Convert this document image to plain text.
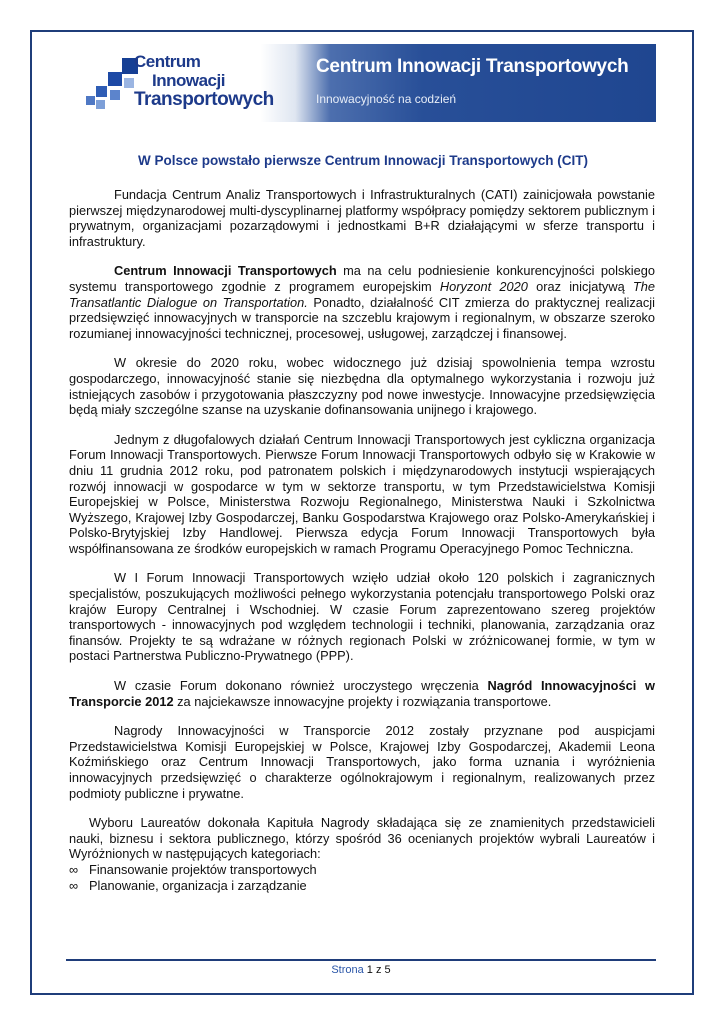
Centrum
Innowacji
Transportowych
Centrum Innowacji Transportowych
Innowacyjność na codzień
W Polsce powstało pierwsze Centrum Innowacji Transportowych (CIT)

Fundacja Centrum Analiz Transportowych i Infrastrukturalnych (CATI) zainicjowała powstanie pierwszej międzynarodowej multi-dyscyplinarnej platformy współpracy pomiędzy sektorem publicznym i prywatnym, organizacjami pozarządowymi i jednostkami B+R działającymi w sferze transportu i infrastruktury.

Centrum Innowacji Transportowych ma na celu podniesienie konkurencyjności polskiego systemu transportowego zgodnie z programem europejskim Horyzont 2020 oraz inicjatywą The Transatlantic Dialogue on Transportation. Ponadto, działalność CIT zmierza do praktycznej realizacji przedsięwzięć innowacyjnych w transporcie na szczeblu krajowym i regionalnym, w obszarze szeroko rozumianej innowacyjności technicznej, procesowej, usługowej, zarządczej i finansowej.

W okresie do 2020 roku, wobec widocznego już dzisiaj spowolnienia tempa wzrostu gospodarczego, innowacyjność stanie się niezbędna dla optymalnego wykorzystania i rozwoju już istniejących zasobów i przygotowania płaszczyzny pod nowe inwestycje. Innowacyjne przedsięwzięcia będą miały szczególne szanse na uzyskanie dofinansowania unijnego i krajowego.

Jednym z długofalowych działań Centrum Innowacji Transportowych jest cykliczna organizacja Forum Innowacji Transportowych. Pierwsze Forum Innowacji Transportowych odbyło się w Krakowie w dniu 11 grudnia 2012 roku, pod patronatem polskich i międzynarodowych instytucji wspierających rozwój innowacji w gospodarce w tym w sektorze transportu, w tym Przedstawicielstwa Komisji Europejskiej w Polsce, Ministerstwa Rozwoju Regionalnego, Ministerstwa Nauki i Szkolnictwa Wyższego, Krajowej Izby Gospodarczej, Banku Gospodarstwa Krajowego oraz Polsko-Amerykańskiej i Polsko-Brytyjskiej Izby Handlowej. Pierwsza edycja Forum Innowacji Transportowych była współfinansowana ze środków europejskich w ramach Programu Operacyjnego Pomoc Techniczna.

W I Forum Innowacji Transportowych wzięło udział około 120 polskich i zagranicznych specjalistów, poszukujących możliwości pełnego wykorzystania potencjału transportowego Polski oraz krajów Europy Centralnej i Wschodniej. W czasie Forum zaprezentowano szereg projektów transportowych - innowacyjnych pod względem technologii i techniki, planowania, zarządzania oraz finansów. Projekty te są wdrażane w różnych regionach Polski w zróżnicowanej formie, w tym w postaci Partnerstwa Publiczno-Prywatnego (PPP).

W czasie Forum dokonano również uroczystego wręczenia Nagród Innowacyjności w Transporcie 2012 za najciekawsze innowacyjne projekty i rozwiązania transportowe.

Nagrody Innowacyjności w Transporcie 2012 zostały przyznane pod auspicjami Przedstawicielstwa Komisji Europejskiej w Polsce, Krajowej Izby Gospodarczej, Akademii Leona Koźmińskiego oraz Centrum Innowacji Transportowych, jako forma uznania i wyróżnienia innowacyjnych przedsięwzięć o charakterze ogólnokrajowym i regionalnym, realizowanych przez podmioty publiczne i prywatne.

Wyboru Laureatów dokonała Kapituła Nagrody składająca się ze znamienitych przedstawicieli nauki, biznesu i sektora publicznego, którzy spośród 36 ocenianych projektów wybrali Laureatów i Wyróżnionych w następujących kategoriach:

∞ Finansowanie projektów transportowych
∞ Planowanie, organizacja i zarządzanie
Strona 1 z 5
